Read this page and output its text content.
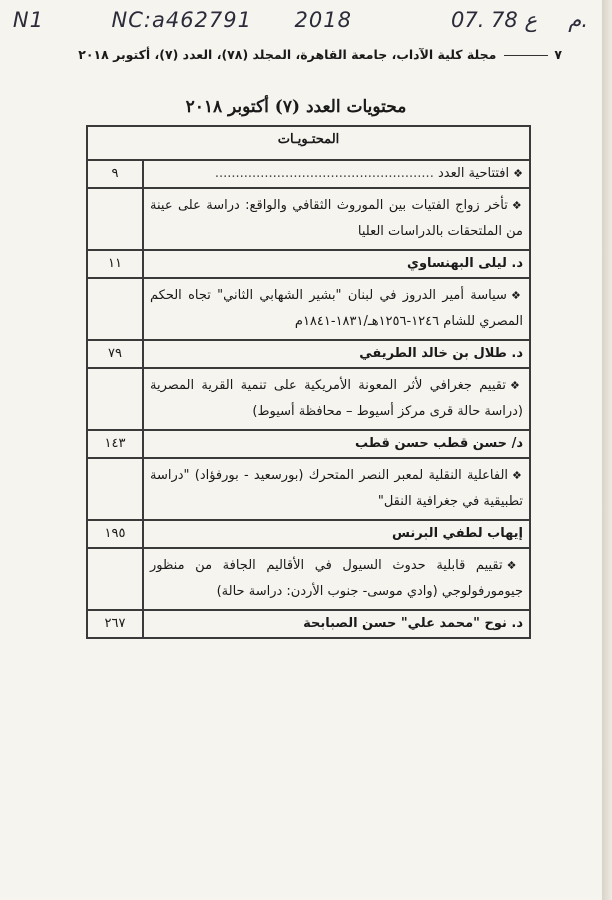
N1	NC:a462791 2018	07. ع 78 م.
٧مجلة كلية الآداب، جامعة القاهرة، المجلد (٧٨)، العدد (٧)، أكتوبر ٢٠١٨
محتويات العدد (٧) أكتوبر ٢٠١٨
المحتـويـات	
❖افتتاحية العدد .....................................................	٩
❖تأخر زواج الفتيات بين الموروث الثقافي والواقع: دراسة على عينة من الملتحقات بالدراسات العليا	
د. ليلى البهنساوي	١١
❖سياسة أمير الدروز في لبنان "بشير الشهابي الثاني" تجاه الحكم المصري للشام ١٢٤٦-١٢٥٦هـ/١٨٣١-١٨٤١م	
د. طلال بن خالد الطريفي	٧٩
❖تقييم جغرافي لأثر المعونة الأمريكية على تنمية القرية المصرية (دراسة حالة قرى مركز أسيوط – محافظة أسيوط)	
د/ حسن قطب حسن قطب	١٤٣
❖الفاعلية النقلية لمعبر النصر المتحرك (بورسعيد - بورفؤاد) "دراسة تطبيقية في جغرافية النقل"	
إيهاب لطفي البرنس	١٩٥
❖تقييم قابلية حدوث السيول في الأقاليم الجافة من منظور جيومورفولوجي (وادي موسى- جنوب الأردن: دراسة حالة)	
د. نوح "محمد علي" حسن الصبابحة	٢٦٧
